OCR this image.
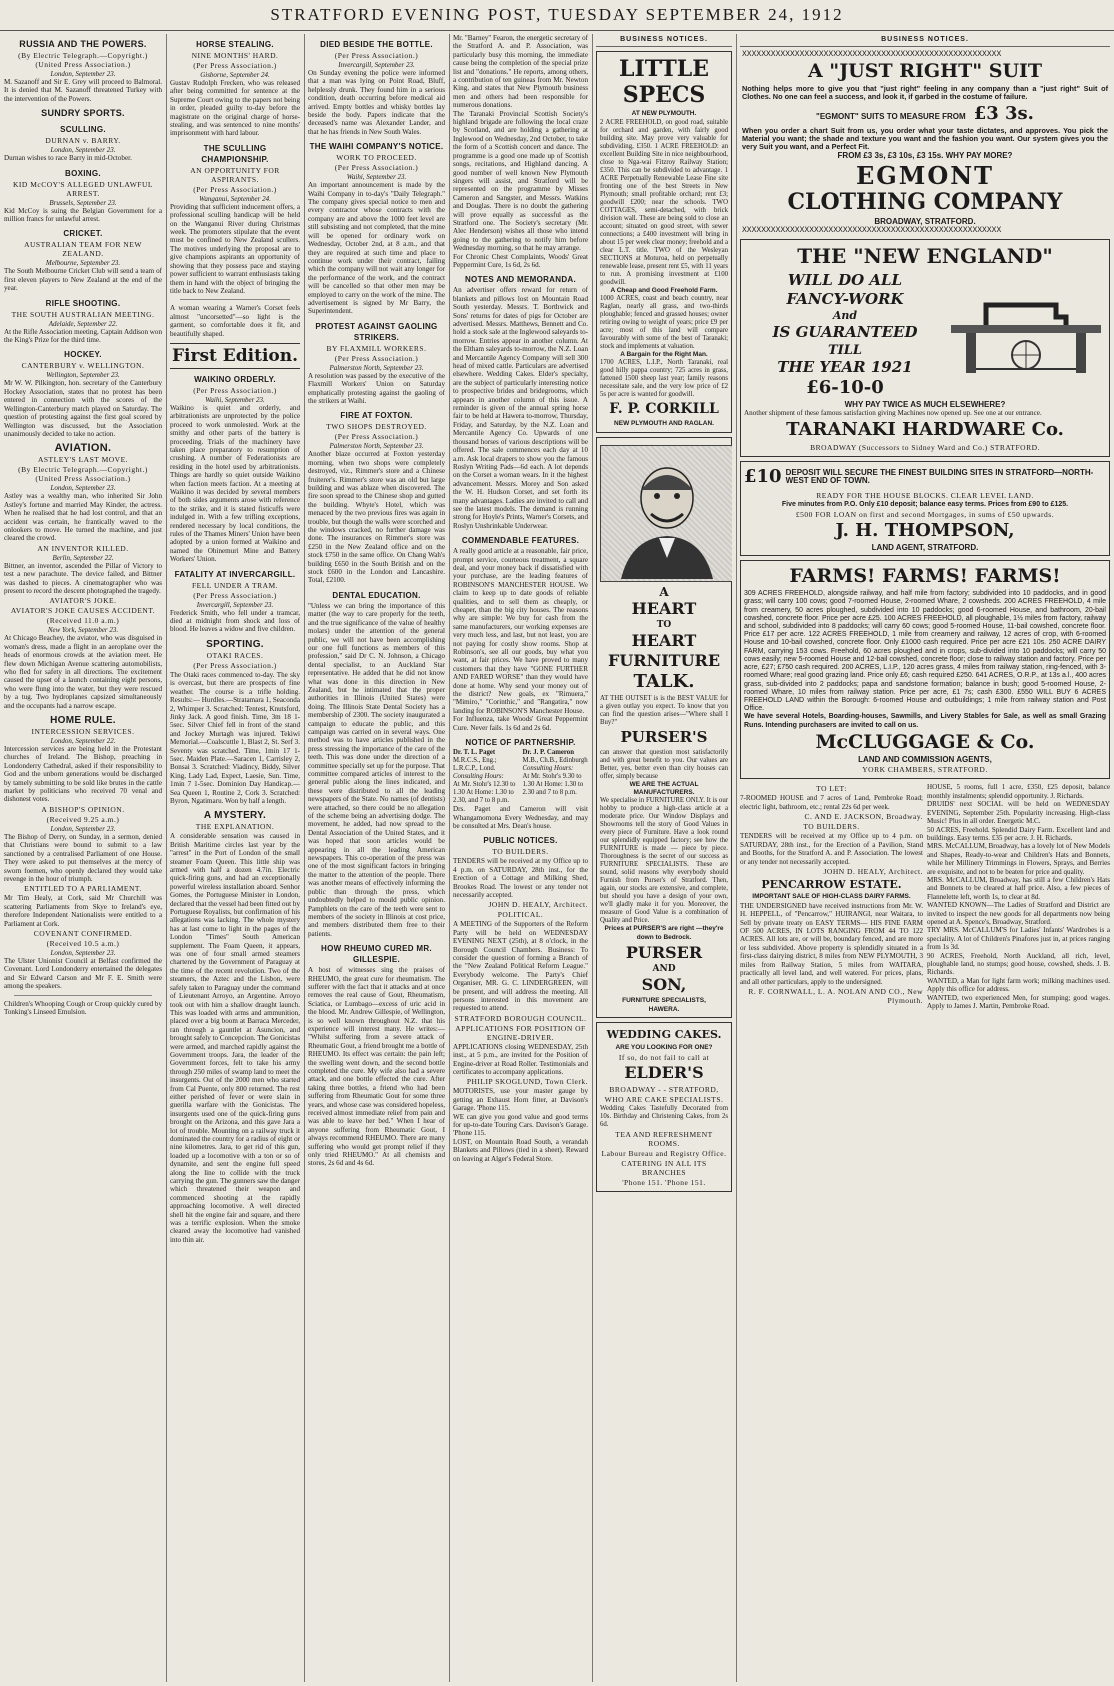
STRATFORD EVENING POST, TUESDAY SEPTEMBER 24, 1912
RUSSIA AND THE POWERS.
(By Electric Telegraph.—Copyright.) (United Press Association.)
London, September 23.

M. Sazanoff and Sir E. Grey will proceed to Balmoral. It is denied that M. Sazanoff threatened Turkey with the intervention of the Powers.

SUNDRY SPORTS.
SCULLING.
DURNAN v. BARRY.
London, September 23.

Durnan wishes to race Barry in mid-October.

BOXING.
KID McCOY'S ALLEGED UNLAWFUL ARREST.
Brussels, September 23.

Kid McCoy is suing the Belgian Government for a million francs for unlawful arrest.

CRICKET.
AUSTRALIAN TEAM FOR NEW ZEALAND.
Melbourne, September 23.

The South Melbourne Cricket Club will send a team of first eleven players to New Zealand at the end of the year.

RIFLE SHOOTING.
THE SOUTH AUSTRALIAN MEETING.
Adelaide, September 22.

At the Rifle Association meeting, Captain Addison won the King's Prize for the third time.

HOCKEY.
CANTERBURY v. WELLINGTON.
Wellington, September 23.

Mr W. W. Pilkington, hon. secretary of the Canterbury Hockey Association, states that no protest has been entered in connection with the scores of the Wellington-Canterbury match played on Saturday. The question of protesting against the first goal scored by Wellington was discussed, but the Association unanimously decided to take no action.

AVIATION.
ASTLEY'S LAST MOVE.
(By Electric Telegraph.—Copyright.) (United Press Association.)
London, September 23.

Astley was a wealthy man, who inherited Sir John Astley's fortune and married May Kinder, the actress. When he realised that he had lost control, and that an accident was certain, he frantically waved to the onlookers to move. He turned the machine, and just cleared the crowd.

AN INVENTOR KILLED.
Berlin, September 22.

Bittner, an inventor, ascended the Pillar of Victory to test a new parachute. The device failed, and Bittner was dashed to pieces. A cinematographer who was present to record the descent photographed the tragedy.

AVIATOR'S JOKE.
AVIATOR'S JOKE CAUSES ACCIDENT.
(Received 11.0 a.m.)
New York, September 23.

At Chicago Beachey, the aviator, who was disguised in woman's dress, made a flight in an aeroplane over the heads of enormous crowds at the aviation meet. He flew down Michigan Avenue scattering automobilists, who fled for safety in all directions. The excitement caused the upset of a launch containing eight persons, who were flung into the water, but they were rescued by a tug. Two hydroplanes capsized simultaneously and the occupants had a narrow escape.

HOME RULE.
INTERCESSION SERVICES.
London, September 22.

Intercession services are being held in the Protestant churches of Ireland. The Bishop, preaching in Londonderry Cathedral, asked if their responsibility to God and the unborn generations would be discharged by tamely submitting to be sold like brutes in the cattle market by politicians who received 70 venal and dishonest votes.

A BISHOP'S OPINION.
(Received 9.25 a.m.)
London, September 23.

The Bishop of Derry, on Sunday, in a sermon, denied that Christians were bound to submit to a law sanctioned by a centralised Parliament of one House. They were asked to put themselves at the mercy of sworn foemen, who openly declared they would take revenge in the hour of triumph.

ENTITLED TO A PARLIAMENT.

Mr Tim Healy, at Cork, said Mr Churchill was scattering Parliaments from Skye to Ireland's eye, therefore Independent Nationalists were entitled to a Parliament at Cork.

COVENANT CONFIRMED.
(Received 10.5 a.m.)
London, September 23.

The Ulster Unionist Council at Belfast confirmed the Covenant. Lord Londonderry entertained the delegates and Sir Edward Carson and Mr F. E. Smith were among the speakers.

Children's Whooping Cough or Croup quickly cured by Tonking's Linseed Emulsion.

HORSE STEALING.
NINE MONTHS' HARD.
(Per Press Association.)
Gisborne, September 24.

Gustav Rudolph Frecken, who was released after being committed for sentence at the Supreme Court owing to the papers not being in order, pleaded guilty to-day before the magistrate on the original charge of horse-stealing, and was sentenced to nine months' imprisonment with hard labour.

THE SCULLING CHAMPIONSHIP.
AN OPPORTUNITY FOR ASPIRANTS.
(Per Press Association.)
Wanganui, September 24.

Providing that sufficient inducement offers, a professional sculling handicap will be held on the Wanganui River during Christmas week. The promoters stipulate that the event must be confined to New Zealand scullers. The motives underlying the proposal are to give champions aspirants an opportunity of showing that they possess pace and staying power sufficient to warrant enthusiasts taking them in hand with the object of bringing the title back to New Zealand.

A woman wearing a Warner's Corset feels almost "uncorsetted"—so light is the garment, so comfortable does it fit, and beautifully shaped.

First Edition.
WAIKINO ORDERLY.
(Per Press Association.)
Waihi, September 23.

Waikino is quiet and orderly, and arbitrationists are unprotected by the police proceed to work unmolested. Work at the smithy and other parts of the battery is proceeding. Trials of the machinery have taken place preparatory to resumption of crushing. A number of Federationists are residing in the hotel used by arbitrationists. Things are hardly so quiet outside Waikino when faction meets faction. At a meeting at Waikino it was decided by several members of both sides arguments arose with reference to the strike, and it is stated fisticuffs were indulged in. With a few trifling exceptions, rendered necessary by local conditions, the rules of the Thames Miners' Union have been adopted by a union formed at Waikino and named the Ohinemuri Mine and Battery Workers' Union.

FATALITY AT INVERCARGILL.
FELL UNDER A TRAM.
(Per Press Association.)
Invercargill, September 23.

Frederick Smith, who fell under a tramcar, died at midnight from shock and loss of blood. He leaves a widow and five children.

SPORTING.
OTAKI RACES.
(Per Press Association.)

The Otaki races commenced to-day. The sky is overcast, but there are prospects of fine weather. The course is a trifle holding. Results:— Hurdles.—Stratamara 1, Seaconda 2, Whimper 3. Scratched: Tentest, Knutsford, Jinky Jack. A good finish. Time, 3m 18 1-5sec. Silver Chief fell in front of the stand and Jockey Murtagh was injured. Tekiwi Memorial.—Coalscuttle 1, Blast 2, St. Serf 3. Seventy was scratched. Time, 1min 17 1-5sec. Maiden Plate.—Saracen 1, Carrisley 2, Bonsai 3. Scratched: Viadincy, Biddy, Silver King, Lady Lad, Expect, Laesie, Sun. Time, 1min 7 1-5sec. Dominion Day Handicap.—Sea Queen 1, Routine 2, Cork 3. Scratched: Byron, Ngatimaru. Won by half a length.

A MYSTERY.
THE EXPLANATION.

A considerable sensation was caused in British Maritime circles last year by the "arrest" in the Port of London of the small steamer Foam Queen. This little ship was armed with half a dozen 4.7in. Electric quick-firing guns, and had an exceptionally powerful wireless installation aboard. Senhor Gomes, the Portuguese Minister in London, declared that the vessel had been fitted out by Portuguese Royalists, but confirmation of his allegations was lacking. The whole mystery has at last come to light in the pages of the London "Times" South American supplement. The Foam Queen, it appears, was one of four small armed steamers chartered by the Government of Paraguay at the time of the recent revolution. Two of the steamers, the Aztec and the Lisbon, were safely taken to Paraguay under the command of Lieutenant Arroyo, an Argentine. Arroyo took out with him a shallow draught launch. This was loaded with arms and ammunition, placed over a big boom at Barraca Merceder, ran through a gauntlet at Asuncion, and brought safely to Concepcion. The Gonicistas were armed, and marched rapidly against the Government troops. Jara, the leader of the Government forces, felt to take his army through 250 miles of swamp land to meet the insurgents. Out of the 2000 men who started from Cal Puente, only 800 returned. The rest either perished of fever or were slain in guerilla warfare with the Gonicistas. The insurgents used one of the quick-firing guns brought on the Arizona, and this gave Jara a lot of trouble. Mounting on a railway truck it dominated the country for a radius of eight or nine kilometres. Jara, to get rid of this gun, loaded up a locomotive with a ton or so of dynamite, and sent the engine full speed along the line to collide with the truck carrying the gun. The gunners saw the danger which threatened their weapon and commenced shooting at the rapidly approaching locomotive. A well directed shell hit the engine fair and square, and there was a terrific explosion. When the smoke cleared away the locomotive had vanished into thin air.

DIED BESIDE THE BOTTLE.
(Per Press Association.)
Invercargill, September 23.

On Sunday evening the police were informed that a man was lying on Point Road, Bluff, helplessly drunk. They found him in a serious condition, death occurring before medical aid arrived. Empty bottles and whisky bottles lay beside the body. Papers indicate that the deceased's name was Alexander Lander, and that he has friends in New South Wales.

THE WAIHI COMPANY'S NOTICE.
WORK TO PROCEED.
(Per Press Association.)
Waihi, September 23.

An important announcement is made by the Waihi Company in to-day's "Daily Telegraph." The company gives special notice to men and every contractor whose contracts with the company are and above the 1000 feet level are still subsisting and not completed, that the mine will be opened for ordinary work on Wednesday, October 2nd, at 8 a.m., and that they are required at such time and place to continue work under their contract, failing which the company will not wait any longer for the performance of the work, and the contract will be cancelled so that other men may be employed to carry on the work of the mine. The advertisement is signed by Mr Barry, the Superintendent.

PROTEST AGAINST GAOLING STRIKERS.
BY FLAXMILL WORKERS.
(Per Press Association.)
Palmerston North, September 23.

A resolution was passed by the executive of the Flaxmill Workers' Union on Saturday emphatically protesting against the gaoling of the strikers at Waihi.

FIRE AT FOXTON.
TWO SHOPS DESTROYED.
(Per Press Association.)
Palmerston North, September 23.

Another blaze occurred at Foxton yesterday morning, when two shops were completely destroyed, viz., Rimmer's store and a Chinese fruiterer's. Rimmer's store was an old but large building and was ablaze when discovered. The fire soon spread to the Chinese shop and gutted the building. Whyte's Hotel, which was menaced by the two previous fires was again in trouble, but though the walls were scorched and the windows cracked, no further damage was done. The insurances on Rimmer's store was £250 in the New Zealand office and on the stock £750 in the same office. On Chang Wah's building £650 in the South British and on the stock £600 in the London and Lancashire. Total, £2100.

DENTAL EDUCATION.

"Unless we can bring the importance of this matter (the way to care properly for the teeth, and the true significance of the value of healthy molars) under the attention of the general public, we will not have been accomplishing our one full functions as members of this profession," said Dr C. N. Johnson, a Chicago dental specialist, to an Auckland Star representative. He added that he did not know what was done in this direction in New Zealand, but he intimated that the proper authorities in Illinois (United States) were doing. The Illinois State Dental Society has a membership of 2300. The society inaugurated a campaign to educate the public, and this campaign was carried on in several ways. One method was to have articles published in the press stressing the importance of the care of the teeth. This was done under the direction of a committee specially set up for the purpose. That committee compared articles of interest to the general public along the lines indicated, and these were distributed to all the leading newspapers of the State. No names (of dentists) were attached, so there could be no allegation of the scheme being an advertising dodge. The movement, he added, had now spread to the Dental Association of the United States, and it was hoped that soon articles would be appearing in all the leading American newspapers. This co-operation of the press was one of the most significant factors in bringing the matter to the attention of the people. There was another means of effectively informing the public than through the press, which undoubtedly helped to mould public opinion. Pamphlets on the care of the teeth were sent to members of the society in Illinois at cost price, and members distributed them free to their patients.

HOW RHEUMO CURED MR. GILLESPIE.

A host of witnesses sing the praises of RHEUMO, the great cure for rheumatism. The sufferer with the fact that it attacks and at once removes the real cause of Gout, Rheumatism, Sciatica, or Lumbago—excess of uric acid in the blood. Mr. Andrew Gillespie, of Wellington, is so well known throughout N.Z. that his experience will interest many. He writes:— "Whilst suffering from a severe attack of Rheumatic Gout, a friend brought me a bottle of RHEUMO. Its effect was certain: the pain left; the swelling went down, and the second bottle completed the cure. My wife also had a severe attack, and one bottle effected the cure. After taking three bottles, a friend who had been suffering from Rheumatic Gout for some three years, and whose case was considered hopeless, received almost immediate relief from pain and was able to leave her bed." When I hear of anyone suffering from Rheumatic Gout, I always recommend RHEUMO. There are many suffering who would get prompt relief if they only tried RHEUMO." At all chemists and stores, 2s 6d and 4s 6d.

Mr. "Barney" Fearon, the energetic secretary of the Stratford A. and P. Association, was particularly busy this morning, the immediate cause being the completion of the special prize list and "donations." He reports, among others, a contribution of ten guineas from Mr. Newton King, and states that New Plymouth business men and others had been responsible for numerous donations.

The Taranaki Provincial Scottish Society's highland brigade are following the local craze by Scotland, and are holding a gathering at Inglewood on Wednesday, 2nd October, to take the form of a Scottish concert and dance. The programme is a good one made up of Scottish songs, recitations, and Highland dancing. A good number of well known New Plymouth singers will assist, and Stratford will be represented on the programme by Misses Cameron and Sangster, and Messrs. Watkins and Douglas. There is no doubt the gathering will prove equally as successful as the Stratford one. The Society's secretary (Mr. Alec Henderson) wishes all those who intend going to the gathering to notify him before Wednesday morning, so that he may arrange.

For Chronic Chest Complaints, Woods' Great Peppermint Cure, 1s 6d, 2s 6d.

NOTES AND MEMORANDA.

An advertiser offers reward for return of blankets and pillows lost on Mountain Road South yesterday. Messrs. T. Borthwick and Sons' returns for dates of pigs for October are advertised. Messrs. Matthews, Bennett and Co. hold a stock sale at the Inglewood saleyards to-morrow. Entries appear in another column. At the Eltham saleyards to-morrow, the N.Z. Loan and Mercantile Agency Company will sell 300 head of mixed cattle. Particulars are advertised elsewhere. Wedding Cakes. Elder's specialty, are the subject of particularly interesting notice to prospective brides and bridegrooms, which appears in another column of this issue. A reminder is given of the annual spring horse fair to be held at Hawera to-morrow, Thursday, Friday, and Saturday, by the N.Z. Loan and Mercantile Agency Co. Upwards of one thousand horses of various descriptions will be offered. The sale commences each day at 10 a.m. Ask local drapers to show you the famous Roslyn Writing Pads—6d each. A lot depends on the Corset a woman wears. In it the highest advancement. Messrs. Morey and Son asked the W. H. Hudson Corset, and set forth its many advantages. Ladies are invited to call and see the latest models. The demand is running strong for Hoyle's Prints, Warner's Corsets, and Roslyn Unshrinkable Underwear.

COMMENDABLE FEATURES.

A really good article at a reasonable, fair price, prompt service, courteous treatment, a square deal, and your money back if dissatisfied with your purchase, are the leading features of ROBINSON'S MANCHESTER HOUSE. We claim to keep up to date goods of reliable qualities, and to sell them as cheaply, or cheaper, than the big city houses. The reasons why are simple: We buy for cash from the same manufacturers, our working expenses are very much less, and last, but not least, you are not paying for costly show rooms. Shop at Robinson's, see all our goods, buy what you want, at fair prices. We have proved to many customers that they have "GONE FURTHER AND FARED WORSE" than they would have done at home. Why send your money out of the district? New goals, ex "Rimuera," "Mimiro," "Corinthic," and "Rangatira," now landing for ROBINSON'S Manchester House.

For Influenza, take Woods' Great Peppermint Cure. Never fails. 1s 6d and 2s 6d.

NOTICE OF PARTNERSHIP.
Dr. T. L. Paget
M.R.C.S., Eng.; L.R.C.P., Lond.
Consulting Hours:
At Mr. Stohr's 12.30 to 1.30 At Home: 1.30 to 2.30, and 7 to 8 p.m.
Dr. J. P. Cameron
M.B., Ch.B., Edinburgh
Consulting Hours:
At Mr. Stohr's 9.30 to 1.30 At Home: 1.30 to 2.30 and 7 to 8 p.m.

Drs. Paget and Cameron will visit Whangamomona Every Wednesday, and may be consulted at Mrs. Dean's house.

PUBLIC NOTICES.
TO BUILDERS.

TENDERS will be received at my Office up to 4 p.m. on SATURDAY, 28th inst., for the Erection of a Cottage and Milking Shed, Brookes Road. The lowest or any tender not necessarily accepted.

JOHN D. HEALY, Architect.
POLITICAL.

A MEETING of the Supporters of the Reform Party will be held on WEDNESDAY EVENING NEXT (25th), at 8 o'clock, in the Borough Council Chambers. Business: To consider the question of forming a Branch of the "New Zealand Political Reform League." Everybody welcome. The Party's Chief Organiser, MR. G. C. LINDERGREEN, will be present, and will address the meeting. All persons interested in this movement are requested to attend.

STRATFORD BOROUGH COUNCIL.
APPLICATIONS FOR POSITION OF ENGINE-DRIVER.

APPLICATIONS closing WEDNESDAY, 25th inst., at 5 p.m., are invited for the Position of Engine-driver at Road Roller. Testimonials and certificates to accompany applications.

PHILIP SKOGLUND, Town Clerk.

MOTORISTS, use your master gauge by getting an Exhaust Horn fitter, at Davison's Garage. 'Phone 115.

WE can give you good value and good terms for up-to-date Touring Cars. Davison's Garage. 'Phone 115.

LOST, on Mountain Road South, a verandah Blankets and Pillows (tied in a sheet). Reward on leaving at Alger's Federal Store.

BUSINESS NOTICES.
LITTLE
SPECS
AT NEW PLYMOUTH.

2 ACRE FREEHOLD, on good road, suitable for orchard and garden, with fairly good building site. May prove very valuable for subdividing, £350. 1 ACRE FREEHOLD: an excellent Building Site in nice neighbourhood, close to Nga-wai Fitzroy Railway Station; £350. This can be subdivided to advantage. 1 ACRE Perpetually Renewable Lease Fine site fronting one of the best Streets in New Plymouth; small profitable orchard; rent £3; goodwill £200; near the schools. TWO COTTAGES, semi-detached, with brick division wall. These are being sold to close an account; situated on good street, with sewer connections; a £400 investment will bring in about 15 per week clear money; freehold and a clear L.T. title. TWO of the Wesleyan SECTIONS at Moturoa, held on perpetually renewable lease, present rent £5, with 11 years to run. A promising investment at £100 goodwill.

A Cheap and Good Freehold Farm.

1000 ACRES, coast and beach country, near Raglan, nearly all grass, and two-thirds ploughable; fenced and grassed houses; owner retiring owing to weight of years; price £9 per acre; most of this land will compare favourably with some of the best of Taranaki; stock and implements at valuation.

A Bargain for the Right Man.

1700 ACRES, L.I.P., North Taranaki, real good hilly pappa country; 725 acres in grass, fattened 1500 sheep last year; family reasons necessitate sale, and the very low price of £2 5s per acre is wanted for goodwill.

F. P. CORKILL
NEW PLYMOUTH AND RAGLAN.
A
HEART
TO
HEART
FURNITURE
TALK.

AT THE OUTSET is is the BEST VALUE for a given outlay you expect. To know that you can find the question arises—"Where shall I Buy?"

PURSER'S

can answer that question most satisfactorily and with great benefit to you. Our values are Better, yes, better even than city houses can offer, simply because

WE ARE THE ACTUAL MANUFACTURERS.

We specialise in FURNITURE ONLY. It is our hobby to produce a high-class article at a moderate price. Our Window Displays and Showrooms tell the story of Good Values in every piece of Furniture. Have a look round our splendidly equipped factory; see how the FURNITURE is made — piece by piece. Thoroughness is the secret of our success as FURNITURE SPECIALISTS. These are sound, solid reasons why everybody should Furnish from Purser's of Stratford. Then, again, our stocks are extensive, and complete, but should you have a design of your own, we'll gladly make it for you. Moreover, the measure of Good Value is a combination of Quality and Price.

Prices at PURSER'S are right —they're down to Bedrock.
PURSER
AND
SON,
FURNITURE SPECIALISTS,
HAWERA.
WEDDING CAKES.
ARE YOU LOOKING FOR ONE?
If so, do not fail to call at
ELDER'S
BROADWAY - - STRATFORD,
WHO ARE CAKE SPECIALISTS.

Wedding Cakes Tastefully Decorated from 10s. Birthday and Christening Cakes, from 2s 6d.

TEA AND REFRESHMENT ROOMS.
Labour Bureau and Registry Office.
CATERING IN ALL ITS BRANCHES
'Phone 151. 'Phone 151.
BUSINESS NOTICES.
XXXXXXXXXXXXXXXXXXXXXXXXXXXXXXXXXXXXXXXXXXXXXXXXXXXXXX
A "JUST RIGHT" SUIT

Nothing helps more to give you that "just right" feeling in any company than a "just right" Suit of Clothes. No one can feel a success, and look it, if garbed in the costume of failure.

"EGMONT" SUITS TO MEASURE FROM £3 3s.

When you order a chart Suit from us, you order what your taste dictates, and approves. You pick the Material you want; the shade and texture you want and the fashion you want. Our system gives you the very Suit you want, and a Perfect Fit.

FROM £3 3s, £3 10s, £3 15s. WHY PAY MORE?
EGMONT
CLOTHING COMPANY
BROADWAY, STRATFORD.
XXXXXXXXXXXXXXXXXXXXXXXXXXXXXXXXXXXXXXXXXXXXXXXXXXXXXX
THE "NEW ENGLAND"
WILL DO ALL
FANCY-WORK
And
IS GUARANTEED
TILL
THE YEAR 1921
£6-10-0
WHY PAY TWICE AS MUCH ELSEWHERE?

Another shipment of these famous satisfaction giving Machines now opened up. See one at our entrance.

TARANAKI HARDWARE Co.
BROADWAY (Successors to Sidney Ward and Co.) STRATFORD.
£10 DEPOSIT WILL SECURE THE FINEST BUILDING SITES IN STRATFORD—NORTH-WEST END OF TOWN.
READY FOR THE HOUSE BLOCKS. CLEAR LEVEL LAND.
Five minutes from P.O. Only £10 deposit; balance easy terms. Prices from £90 to £125.
£500 FOR LOAN on first and second Mortgages, in sums of £50 upwards.
J. H. THOMPSON,
LAND AGENT, STRATFORD.
FARMS! FARMS! FARMS!

309 ACRES FREEHOLD, alongside railway, and half mile from factory; subdivided into 10 paddocks, and in good grass; will carry 100 cows; good 7-roomed House, 2-roomed Whare, 2 cowsheds. 200 ACRES FREEHOLD, 4 mile from creamery, 50 acres ploughed, subdivided into 10 paddocks; good 6-roomed House, and bathroom, 20-bail cowshed, concrete floor. Price per acre £25. 100 ACRES FREEHOLD, all ploughable, 1½ miles from factory, railway and school, subdivided into 8 paddocks; will carry 60 cows; good 5-roomed House, 11-bail cowshed, concrete floor. Price £17 per acre. 122 ACRES FREEHOLD, 1 mile from creamery and railway, 12 acres of crop, with 6-roomed House and 10-bail cowshed, concrete floor. Only £1000 cash required. Price per acre £21 10s. 250 ACRE DAIRY FARM, carrying 153 cows. Freehold, 60 acres ploughed and in crops, sub-divided into 10 paddocks; will carry 50 cows easily; new 5-roomed House and 12-bail cowshed, concrete floor; close to railway station and factory. Price per acre, £27; £750 cash required. 200 ACRES, L.I.P., 120 acres grass, 4 miles from railway station, ring-fenced, with 3-roomed Whare; real good grazing land. Price only £6; cash required £250. 641 ACRES, O.R.P., at 13s a.l., 400 acres grass, sub-divided into 2 paddocks; papa and sandstone formation; balance in bush; good 5-roomed House, 2-roomed Whare, 10 miles from railway station. Price per acre, £1 7s; cash £300. £550 WILL BUY 6 ACRES FREEHOLD LAND within the Borough: 6-roomed House and outbuildings; 1 mile from railway station and Post Office.

We have several Hotels, Boarding-houses, Sawmills, and Livery Stables for Sale, as well as small Grazing Runs. Intending purchasers are invited to call on us.

McCLUGGAGE & Co.
LAND AND COMMISSION AGENTS,
YORK CHAMBERS, STRATFORD.
TO LET:

7-ROOMED HOUSE and 7 acres of Land, Pembroke Road; electric light, bathroom, etc.; rental 22s 6d per week.

C. AND E. JACKSON, Broadway.
TO BUILDERS.

TENDERS will be received at my Office up to 4 p.m. on SATURDAY, 28th inst., for the Erection of a Pavilion, Stand and Booths, for the Stratford A. and P. Association. The lowest or any tender not necessarily accepted.

JOHN D. HEALY, Architect.
PENCARROW ESTATE.
IMPORTANT SALE OF HIGH-CLASS DAIRY FARMS.

THE UNDERSIGNED have received instructions from Mr. W. H. HEPPELL, of "Pencarrow," HUIRANGI, near Waitara, to Sell by private treaty on EASY TERMS— HIS FINE FARM OF 500 ACRES, IN LOTS RANGING FROM 44 TO 122 ACRES. All lots are, or will be, boundary fenced, and are more or less subdivided. Above property is splendidly situated in a first-class dairying district, 8 miles from NEW PLYMOUTH, 3 miles from Railway Station, 5 miles from WAITARA, practically all level land, and well watered. For prices, plans, and all other particulars, apply to the undersigned.

R. F. CORNWALL, L. A. NOLAN AND CO., New Plymouth.

HOUSE, 5 rooms, full 1 acre, £350, £25 deposit, balance monthly instalments; splendid opportunity. J. Richards.

DRUIDS' next SOCIAL will be held on WEDNESDAY EVENING, September 25th. Popularity increasing. High-class Music! Plus in all order. Energetic M.C.

50 ACRES, Freehold. Splendid Dairy Farm. Excellent land and buildings. Easy terms. £35 per acre. J. H. Richards.

MRS. McCALLUM, Broadway, has a lovely lot of New Models and Shapes, Ready-to-wear and Children's Hats and Bonnets, while her Millinery Trimmings in Flowers, Sprays, and Berries are exquisite, and not to be beaten for price and quality.

MRS. McCALLUM, Broadway, has still a few Children's Hats and Bonnets to be cleared at half price. Also, a few pieces of Flannelette left, worth 1s, to clear at 8d.

WANTED KNOWN—The Ladies of Stratford and District are invited to inspect the new goods for all departments now being opened at A. Spence's, Broadway, Stratford.

TRY MRS. McCALLUM'S for Ladies' Infants' Wardrobes is a speciality. A lot of Children's Pinafores just in, at prices ranging from 1s 3d.

90 ACRES, Freehold, North Auckland, all rich, level, ploughable land, no stumps; good house, cowshed, sheds. J. B. Richards.

WANTED, a Man for light farm work; milking machines used. Apply this office for address.

WANTED, two experienced Men, for stumping; good wages. Apply to James J. Martin, Pembroke Road.
